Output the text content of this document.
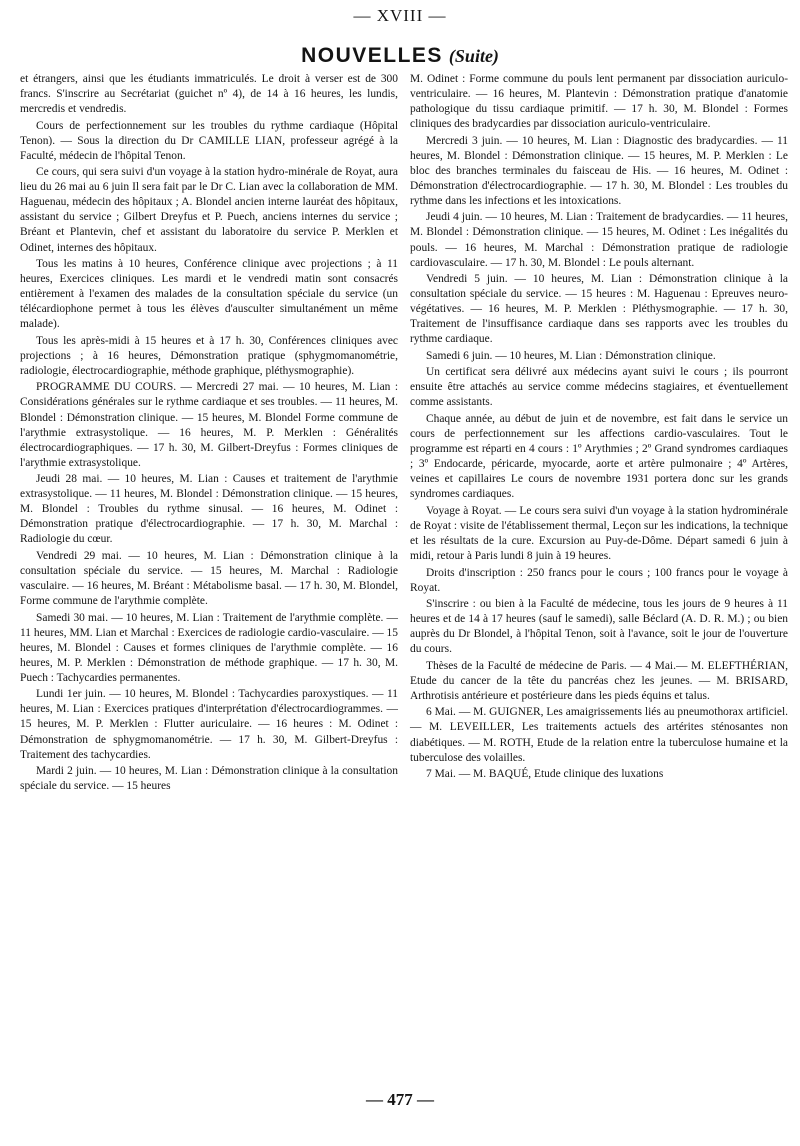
— XVIII —
NOUVELLES (Suite)

et étrangers, ainsi que les étudiants immatriculés. Le droit à verser est de 300 francs. S'inscrire au Secrétariat (guichet nº 4), de 14 à 16 heures, les lundis, mercredis et vendredis.

Cours de perfectionnement sur les troubles du rythme cardiaque (Hôpital Tenon). — Sous la direction du Dr CAMILLE LIAN, professeur agrégé à la Faculté, médecin de l'hôpital Tenon.

Ce cours, qui sera suivi d'un voyage à la station hydro-minérale de Royat, aura lieu du 26 mai au 6 juin Il sera fait par le Dr C. Lian avec la collaboration de MM. Haguenau, médecin des hôpitaux ; A. Blondel ancien interne lauréat des hôpitaux, assistant du service ; Gilbert Dreyfus et P. Puech, anciens internes du service ; Bréant et Plantevin, chef et assistant du laboratoire du service P. Merklen et Odinet, internes des hôpitaux.

Tous les matins à 10 heures, Conférence clinique avec projections ; à 11 heures, Exercices cliniques. Les mardi et le vendredi matin sont consacrés entièrement à l'examen des malades de la consultation spéciale du service (un télécardiophone permet à tous les élèves d'ausculter simultanément un même malade).

Tous les après-midi à 15 heures et à 17 h. 30, Conférences cliniques avec projections ; à 16 heures, Démonstration pratique (sphygmomanométrie, radiologie, électrocardiographie, méthode graphique, pléthysmographie).

PROGRAMME DU COURS. — Mercredi 27 mai. — 10 heures, M. Lian : Considérations générales sur le rythme cardiaque et ses troubles. — 11 heures, M. Blondel : Démonstration clinique. — 15 heures, M. Blondel Forme commune de l'arythmie extrasystolique. — 16 heures, M. P. Merklen : Généralités électrocardiographiques. — 17 h. 30, M. Gilbert-Dreyfus : Formes cliniques de l'arythmie extrasystolique.

Jeudi 28 mai. — 10 heures, M. Lian : Causes et traitement de l'arythmie extrasystolique. — 11 heures, M. Blondel : Démonstration clinique. — 15 heures, M. Blondel : Troubles du rythme sinusal. — 16 heures, M. Odinet : Démonstration pratique d'électrocardiographie. — 17 h. 30, M. Marchal : Radiologie du cœur.

Vendredi 29 mai. — 10 heures, M. Lian : Démonstration clinique à la consultation spéciale du service. — 15 heures, M. Marchal : Radiologie vasculaire. — 16 heures, M. Bréant : Métabolisme basal. — 17 h. 30, M. Blondel, Forme commune de l'arythmie complète.

Samedi 30 mai. — 10 heures, M. Lian : Traitement de l'arythmie complète. — 11 heures, MM. Lian et Marchal : Exercices de radiologie cardio-vasculaire. — 15 heures, M. Blondel : Causes et formes cliniques de l'arythmie complète. — 16 heures, M. P. Merklen : Démonstration de méthode graphique. — 17 h. 30, M. Puech : Tachycardies permanentes.

Lundi 1er juin. — 10 heures, M. Blondel : Tachycardies paroxystiques. — 11 heures, M. Lian : Exercices pratiques d'interprétation d'électrocardiogrammes. — 15 heures, M. P. Merklen : Flutter auriculaire. — 16 heures : M. Odinet : Démonstration de sphygmomanométrie. — 17 h. 30, M. Gilbert-Dreyfus : Traitement des tachycardies.

Mardi 2 juin. — 10 heures, M. Lian : Démonstration clinique à la consultation spéciale du service. — 15 heures

M. Odinet : Forme commune du pouls lent permanent par dissociation auriculo-ventriculaire. — 16 heures, M. Plantevin : Démonstration pratique d'anatomie pathologique du tissu cardiaque primitif. — 17 h. 30, M. Blondel : Formes cliniques des bradycardies par dissociation auriculo-ventriculaire.

Mercredi 3 juin. — 10 heures, M. Lian : Diagnostic des bradycardies. — 11 heures, M. Blondel : Démonstration clinique. — 15 heures, M. P. Merklen : Le bloc des branches terminales du faisceau de His. — 16 heures, M. Odinet : Démonstration d'électrocardiographie. — 17 h. 30, M. Blondel : Les troubles du rythme dans les infections et les intoxications.

Jeudi 4 juin. — 10 heures, M. Lian : Traitement de bradycardies. — 11 heures, M. Blondel : Démonstration clinique. — 15 heures, M. Odinet : Les inégalités du pouls. — 16 heures, M. Marchal : Démonstration pratique de radiologie cardiovasculaire. — 17 h. 30, M. Blondel : Le pouls alternant.

Vendredi 5 juin. — 10 heures, M. Lian : Démonstration clinique à la consultation spéciale du service. — 15 heures : M. Haguenau : Epreuves neuro-végétatives. — 16 heures, M. P. Merklen : Pléthysmographie. — 17 h. 30, Traitement de l'insuffisance cardiaque dans ses rapports avec les troubles du rythme cardiaque.

Samedi 6 juin. — 10 heures, M. Lian : Démonstration clinique.

Un certificat sera délivré aux médecins ayant suivi le cours ; ils pourront ensuite être attachés au service comme médecins stagiaires, et éventuellement comme assistants.

Chaque année, au début de juin et de novembre, est fait dans le service un cours de perfectionnement sur les affections cardio-vasculaires. Tout le programme est réparti en 4 cours : 1º Arythmies ; 2º Grand syndromes cardiaques ; 3º Endocarde, péricarde, myocarde, aorte et artère pulmonaire ; 4º Artères, veines et capillaires Le cours de novembre 1931 portera donc sur les grands syndromes cardiaques.

Voyage à Royat. — Le cours sera suivi d'un voyage à la station hydrominérale de Royat : visite de l'établissement thermal, Leçon sur les indications, la technique et les résultats de la cure. Excursion au Puy-de-Dôme. Départ samedi 6 juin à midi, retour à Paris lundi 8 juin à 19 heures.

Droits d'inscription : 250 francs pour le cours ; 100 francs pour le voyage à Royat.

S'inscrire : ou bien à la Faculté de médecine, tous les jours de 9 heures à 11 heures et de 14 à 17 heures (sauf le samedi), salle Béclard (A. D. R. M.) ; ou bien auprès du Dr Blondel, à l'hôpital Tenon, soit à l'avance, soit le jour de l'ouverture du cours.

Thèses de la Faculté de médecine de Paris. — 4 Mai.— M. ELEFTHÉRIAN, Etude du cancer de la tête du pancréas chez les jeunes. — M. BRISARD, Arthrotisis antérieure et postérieure dans les pieds équins et talus.

6 Mai. — M. GUIGNER, Les amaigrissements liés au pneumothorax artificiel. — M. LEVEILLER, Les traitements actuels des artérites sténosantes non diabétiques. — M. ROTH, Etude de la relation entre la tuberculose humaine et la tuberculose des volailles.

7 Mai. — M. BAQUÉ, Etude clinique des luxations

— 477 —
